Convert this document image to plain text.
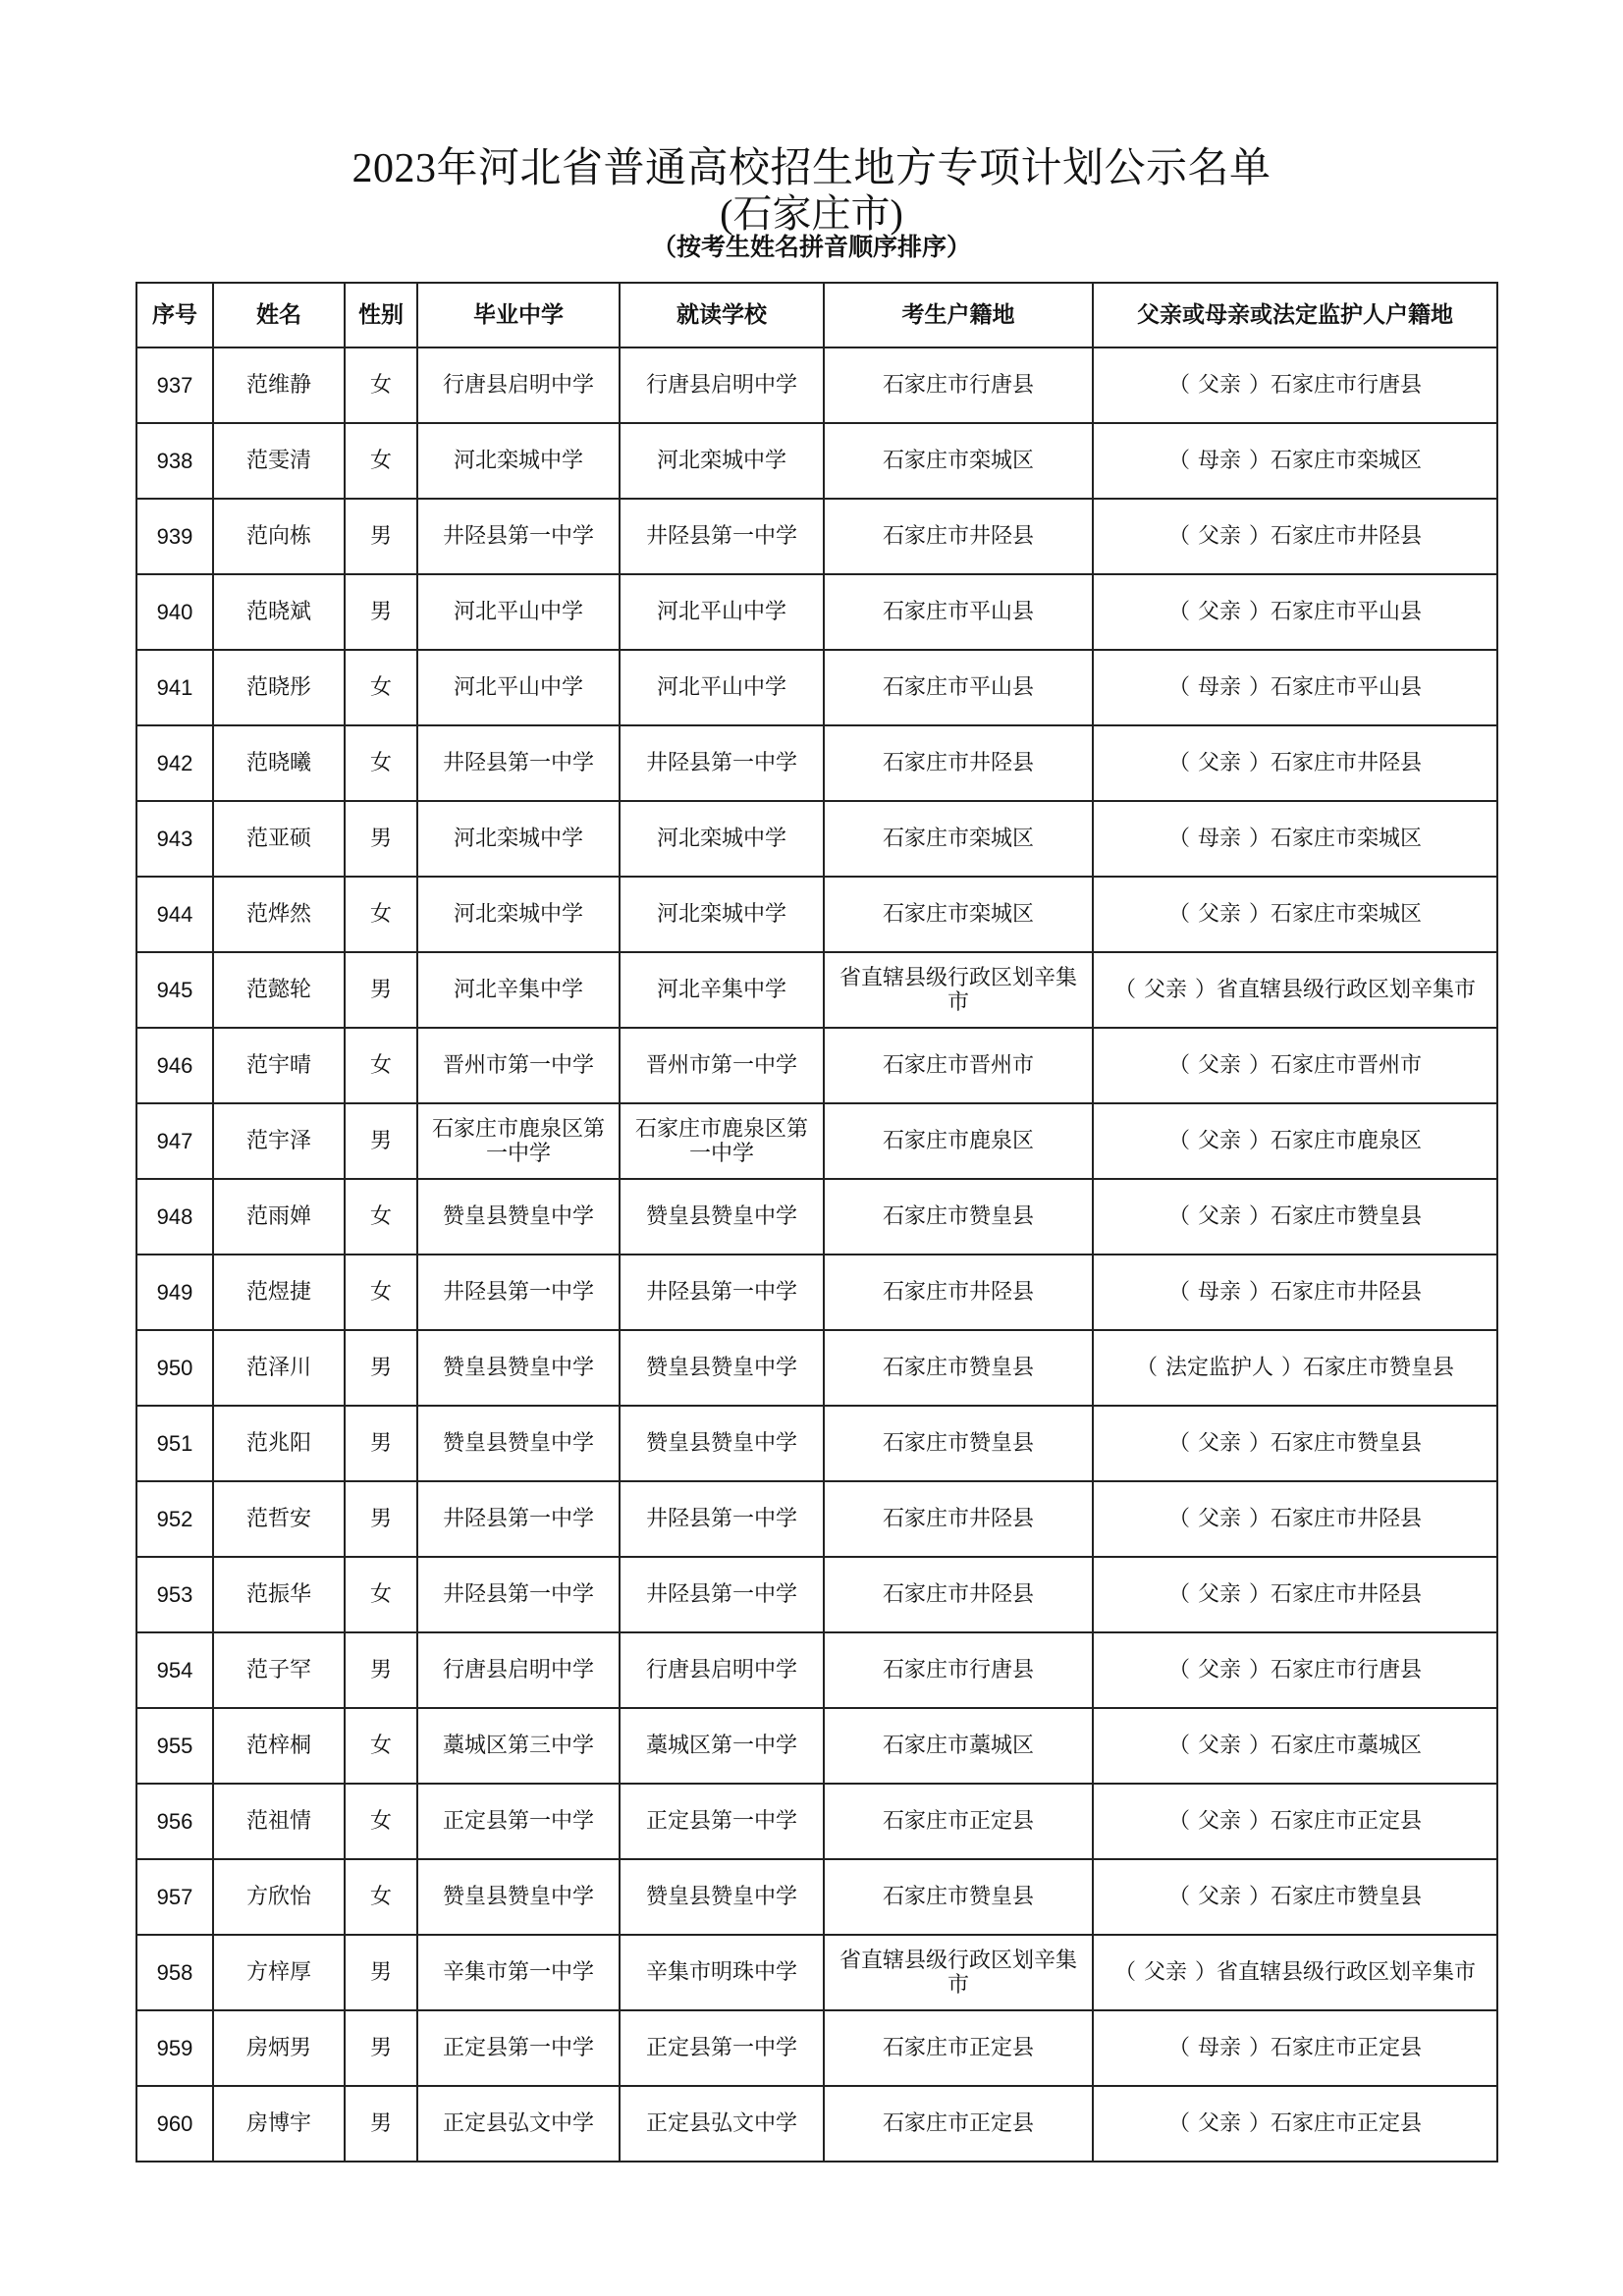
2023年河北省普通高校招生地方专项计划公示名单
(石家庄市)
（按考生姓名拼音顺序排序）
序号	姓名	性别	毕业中学	就读学校	考生户籍地	父亲或母亲或法定监护人户籍地
937	范维静	女	行唐县启明中学	行唐县启明中学	石家庄市行唐县	（ 父亲 ）石家庄市行唐县
938	范雯清	女	河北栾城中学	河北栾城中学	石家庄市栾城区	（ 母亲 ）石家庄市栾城区
939	范向栋	男	井陉县第一中学	井陉县第一中学	石家庄市井陉县	（ 父亲 ）石家庄市井陉县
940	范晓斌	男	河北平山中学	河北平山中学	石家庄市平山县	（ 父亲 ）石家庄市平山县
941	范晓彤	女	河北平山中学	河北平山中学	石家庄市平山县	（ 母亲 ）石家庄市平山县
942	范晓曦	女	井陉县第一中学	井陉县第一中学	石家庄市井陉县	（ 父亲 ）石家庄市井陉县
943	范亚硕	男	河北栾城中学	河北栾城中学	石家庄市栾城区	（ 母亲 ）石家庄市栾城区
944	范烨然	女	河北栾城中学	河北栾城中学	石家庄市栾城区	（ 父亲 ）石家庄市栾城区
945	范懿轮	男	河北辛集中学	河北辛集中学	省直辖县级行政区划辛集市	（ 父亲 ）省直辖县级行政区划辛集市
946	范宇晴	女	晋州市第一中学	晋州市第一中学	石家庄市晋州市	（ 父亲 ）石家庄市晋州市
947	范宇泽	男	石家庄市鹿泉区第一中学	石家庄市鹿泉区第一中学	石家庄市鹿泉区	（ 父亲 ）石家庄市鹿泉区
948	范雨婵	女	赞皇县赞皇中学	赞皇县赞皇中学	石家庄市赞皇县	（ 父亲 ）石家庄市赞皇县
949	范煜捷	女	井陉县第一中学	井陉县第一中学	石家庄市井陉县	（ 母亲 ）石家庄市井陉县
950	范泽川	男	赞皇县赞皇中学	赞皇县赞皇中学	石家庄市赞皇县	（ 法定监护人 ）石家庄市赞皇县
951	范兆阳	男	赞皇县赞皇中学	赞皇县赞皇中学	石家庄市赞皇县	（ 父亲 ）石家庄市赞皇县
952	范哲安	男	井陉县第一中学	井陉县第一中学	石家庄市井陉县	（ 父亲 ）石家庄市井陉县
953	范振华	女	井陉县第一中学	井陉县第一中学	石家庄市井陉县	（ 父亲 ）石家庄市井陉县
954	范子罕	男	行唐县启明中学	行唐县启明中学	石家庄市行唐县	（ 父亲 ）石家庄市行唐县
955	范梓桐	女	藁城区第三中学	藁城区第一中学	石家庄市藁城区	（ 父亲 ）石家庄市藁城区
956	范祖情	女	正定县第一中学	正定县第一中学	石家庄市正定县	（ 父亲 ）石家庄市正定县
957	方欣怡	女	赞皇县赞皇中学	赞皇县赞皇中学	石家庄市赞皇县	（ 父亲 ）石家庄市赞皇县
958	方梓厚	男	辛集市第一中学	辛集市明珠中学	省直辖县级行政区划辛集市	（ 父亲 ）省直辖县级行政区划辛集市
959	房炳男	男	正定县第一中学	正定县第一中学	石家庄市正定县	（ 母亲 ）石家庄市正定县
960	房博宇	男	正定县弘文中学	正定县弘文中学	石家庄市正定县	（ 父亲 ）石家庄市正定县
